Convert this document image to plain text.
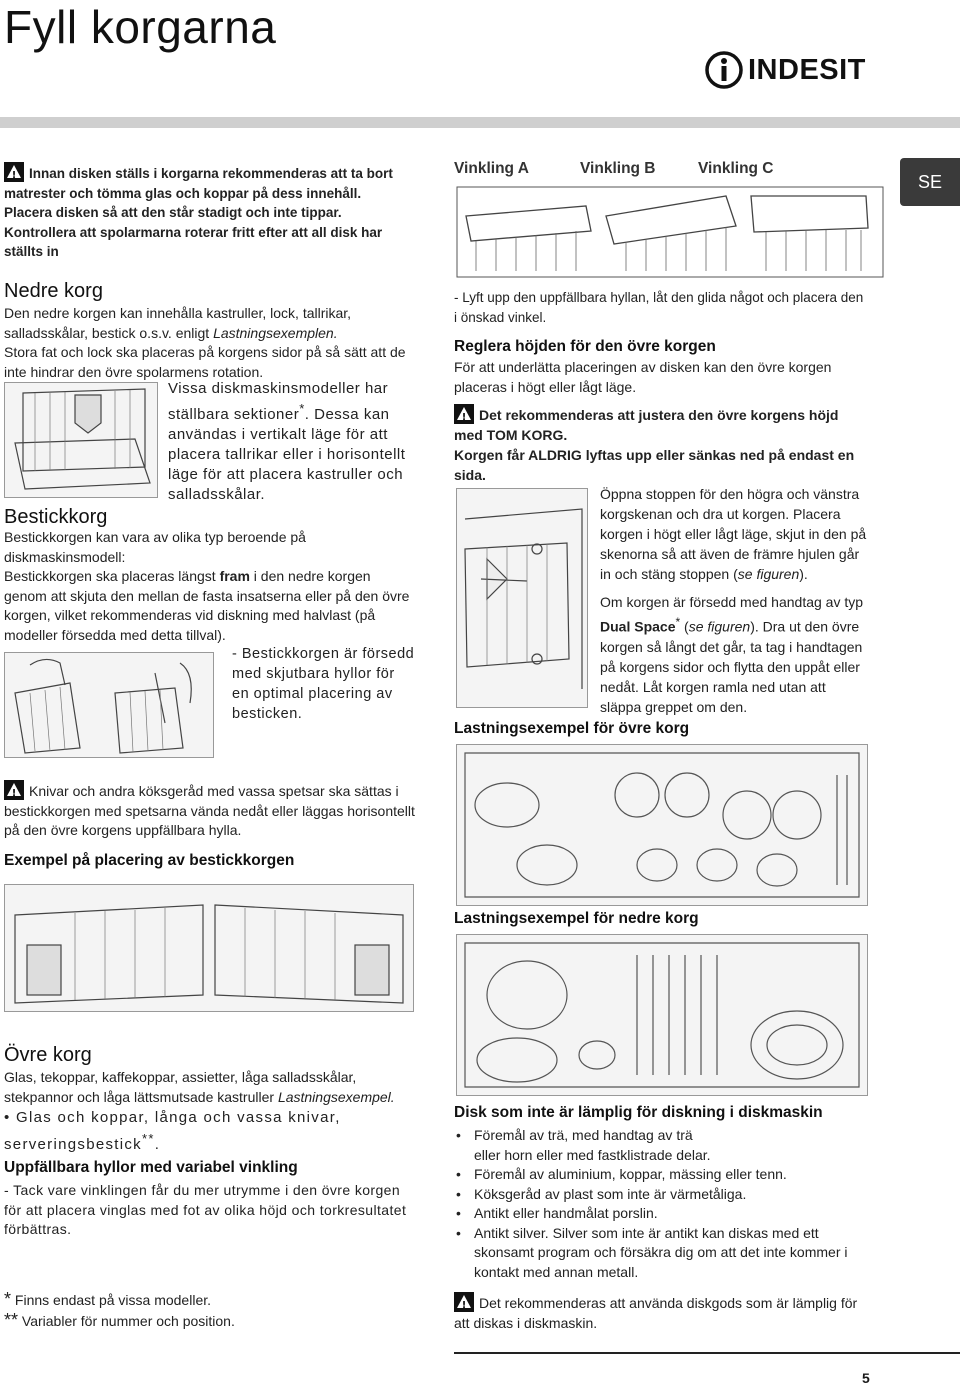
Fyll korgarna
INDESIT
SE

!Innan disken ställs i korgarna rekommenderas att ta bort matrester och tömma glas och koppar på dess innehåll.

Placera disken så att den står stadigt och inte tippar.

Kontrollera att spolarmarna roterar fritt efter att all disk har ställts in

Vinkling A	Vinkling B	Vinkling C
Nedre korg

Den nedre korgen kan innehålla kastruller, lock, tallrikar, salladsskålar, bestick o.s.v. enligt Lastningsexemplen.

Stora fat och lock ska placeras på korgens sidor på så sätt att de inte hindrar den övre spolarmens rotation.

Vissa diskmaskinsmodeller har ställbara sektioner*. Dessa kan användas i vertikalt läge för att placera tallrikar eller i horisontellt läge för att placera kastruller och salladsskålar.

Bestickkorg

Bestickkorgen kan vara av olika typ beroende på diskmaskinsmodell:

Bestickkorgen ska placeras längst fram i den nedre korgen genom att skjuta den mellan de fasta insatserna eller på den övre korgen, vilket rekommenderas vid diskning med halvlast (på modeller försedda med detta tillval).

- Bestickkorgen är försedd med skjutbara hyllor för en optimal placering av besticken.

!Knivar och andra köksgeråd med vassa spetsar ska sättas i bestickkorgen med spetsarna vända nedåt eller läggas horisontellt på den övre korgens uppfällbara hylla.

Exempel på placering av bestickkorgen
Övre korg

Glas, tekoppar, kaffekoppar, assietter, låga salladsskålar, stekpannor och låga lättsmutsade kastruller Lastningsexempel.

• Glas och koppar, långa och vassa knivar, serveringsbestick**.

Uppfällbara hyllor med variabel vinkling

- Tack vare vinklingen får du mer utrymme i den övre korgen för att placera vinglas med fot av olika höjd och torkresultatet förbättras.

* Finns endast på vissa modeller.

** Variabler för nummer och position.

- Lyft upp den uppfällbara hyllan, låt den glida något och placera den i önskad vinkel.

Reglera höjden för den övre korgen

För att underlätta placeringen av disken kan den övre korgen placeras i högt eller lågt läge.

!Det rekommenderas att justera den övre korgens höjd med TOM KORG.

Korgen får ALDRIG lyftas upp eller sänkas ned på endast en sida.

Öppna stoppen för den högra och vänstra korgskenan och dra ut korgen. Placera korgen i högt eller lågt läge, skjut in den på skenorna så att även de främre hjulen går in och stäng stoppen (se figuren).

Om korgen är försedd med handtag av typ Dual Space* (se figuren). Dra ut den övre korgen så långt det går, ta tag i handtagen på korgens sidor och flytta den uppåt eller nedåt. Låt korgen ramla ned utan att släppa greppet om den.

Lastningsexempel för övre korg
Lastningsexempel för nedre korg
Disk som inte är lämplig för diskning i diskmaskin
• Föremål av trä, med handtag av trä
eller horn eller med fastklistrade delar.
• Föremål av aluminium, koppar, mässing eller tenn.
• Köksgeråd av plast som inte är värmetåliga.
• Antikt eller handmålat porslin.
• Antikt silver. Silver som inte är antikt kan diskas med ett skonsamt program och försäkra dig om att det inte kommer i kontakt med annan metall.

!Det rekommenderas att använda diskgods som är lämplig för att diskas i diskmaskin.

5
